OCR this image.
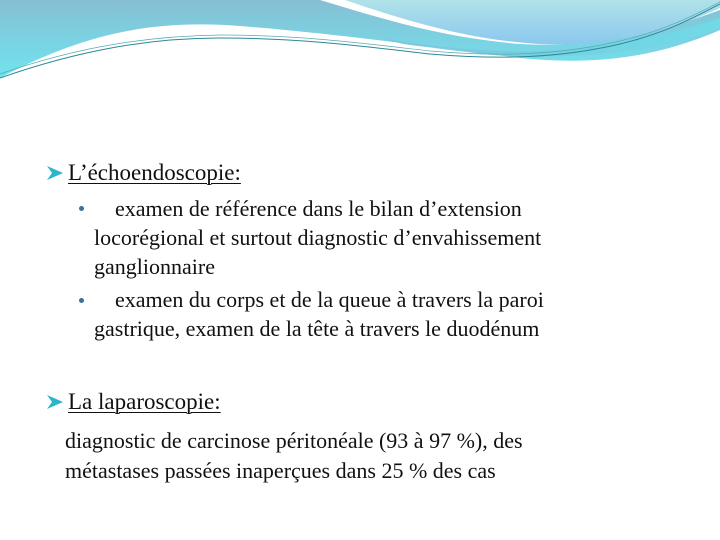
L’échoendoscopie:
examen de référence dans le bilan d’extension
locorégional et surtout diagnostic d’envahissement
ganglionnaire
examen du corps et de la queue à travers la paroi
gastrique, examen de la tête à travers le duodénum
La laparoscopie:
diagnostic de carcinose péritonéale (93 à 97 %), des
métastases passées inaperçues dans 25 % des cas
